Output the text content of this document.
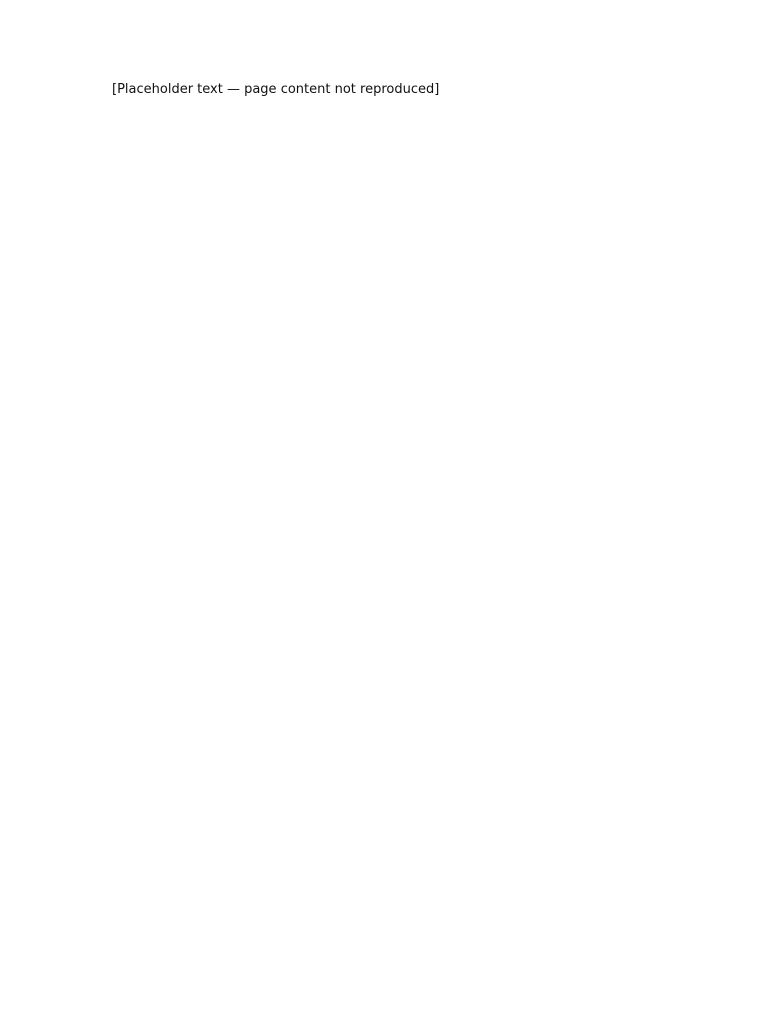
[Placeholder text — page content not reproduced]
